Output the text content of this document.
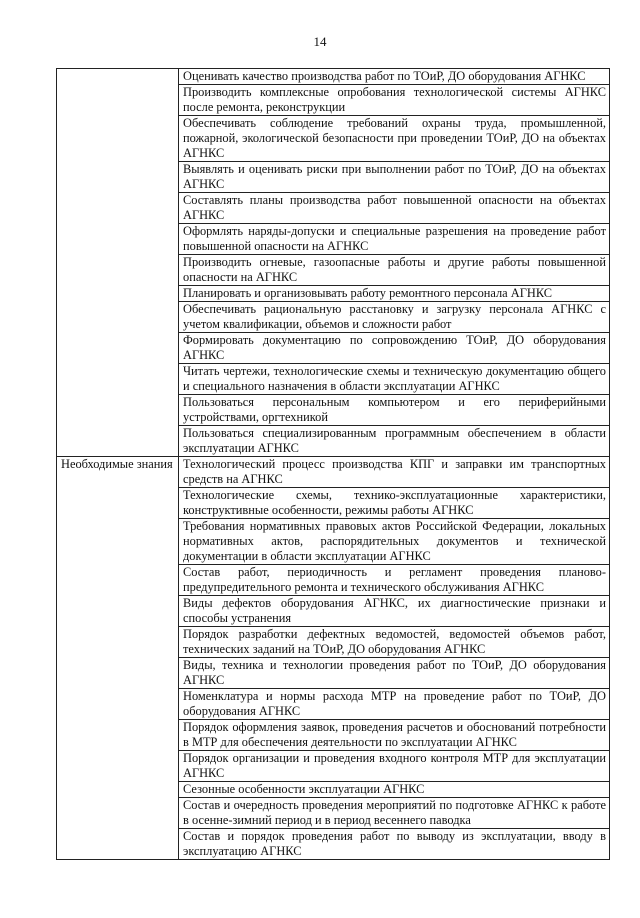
14
	Оценивать качество производства работ по ТОиР, ДО оборудования АГНКС
	Производить комплексные опробования технологической системы АГНКС после ремонта, реконструкции
	Обеспечивать соблюдение требований охраны труда, промышленной, пожарной, экологической безопасности при проведении ТОиР, ДО на объектах АГНКС
	Выявлять и оценивать риски при выполнении работ по ТОиР, ДО на объектах АГНКС
	Составлять планы производства работ повышенной опасности на объектах АГНКС
	Оформлять наряды-допуски и специальные разрешения на проведение работ повышенной опасности на АГНКС
	Производить огневые, газоопасные работы и другие работы повышенной опасности на АГНКС
	Планировать и организовывать работу ремонтного персонала АГНКС
	Обеспечивать рациональную расстановку и загрузку персонала АГНКС с учетом квалификации, объемов и сложности работ
	Формировать документацию по сопровождению ТОиР, ДО оборудования АГНКС
	Читать чертежи, технологические схемы и техническую документацию общего и специального назначения в области эксплуатации АГНКС
	Пользоваться персональным компьютером и его периферийными устройствами, оргтехникой
	Пользоваться специализированным программным обеспечением в области эксплуатации АГНКС
Необходимые знания	Технологический процесс производства КПГ и заправки им транспортных средств на АГНКС
	Технологические схемы, технико-эксплуатационные характеристики, конструктивные особенности, режимы работы АГНКС
	Требования нормативных правовых актов Российской Федерации, локальных нормативных актов, распорядительных документов и технической документации в области эксплуатации АГНКС
	Состав работ, периодичность и регламент проведения планово-предупредительного ремонта и технического обслуживания АГНКС
	Виды дефектов оборудования АГНКС, их диагностические признаки и способы устранения
	Порядок разработки дефектных ведомостей, ведомостей объемов работ, технических заданий на ТОиР, ДО оборудования АГНКС
	Виды, техника и технологии проведения работ по ТОиР, ДО оборудования АГНКС
	Номенклатура и нормы расхода МТР на проведение работ по ТОиР, ДО оборудования АГНКС
	Порядок оформления заявок, проведения расчетов и обоснований потребности в МТР для обеспечения деятельности по эксплуатации АГНКС
	Порядок организации и проведения входного контроля МТР для эксплуатации АГНКС
	Сезонные особенности эксплуатации АГНКС
	Состав и очередность проведения мероприятий по подготовке АГНКС к работе в осенне-зимний период и в период весеннего паводка
	Состав и порядок проведения работ по выводу из эксплуатации, вводу в эксплуатацию АГНКС
